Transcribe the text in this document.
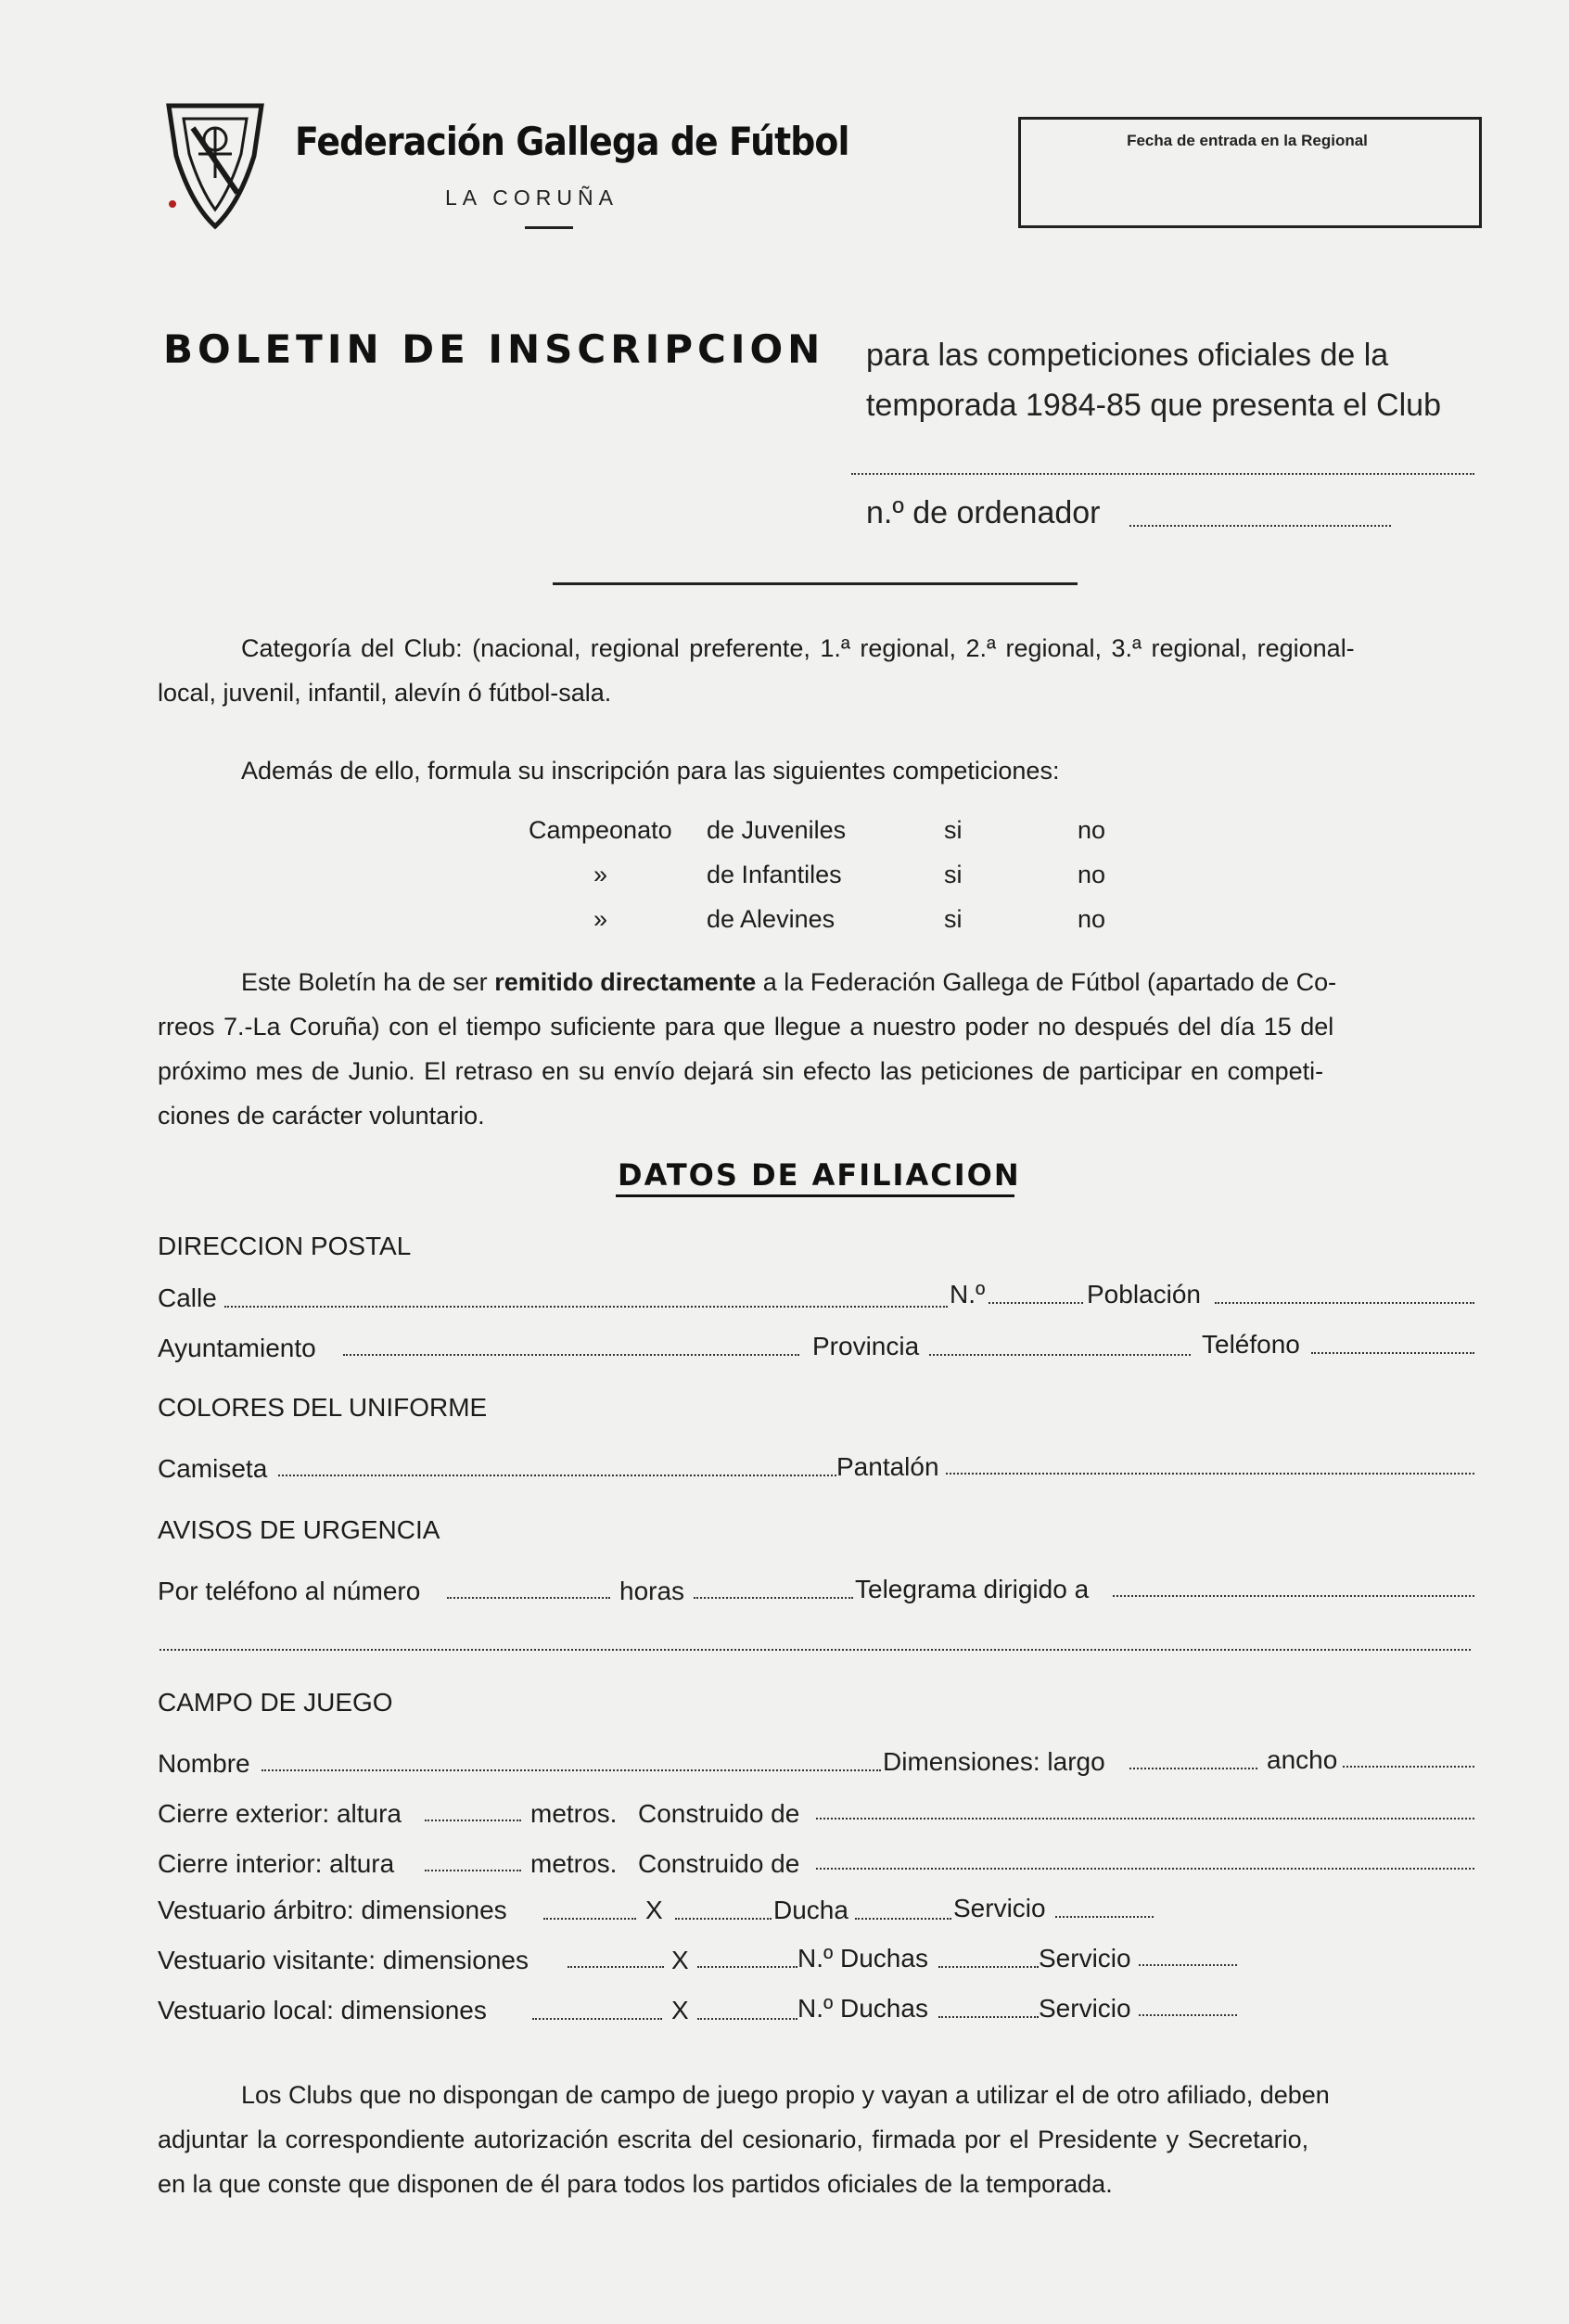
Federación Gallega de Fútbol
LA CORUÑA
Fecha de entrada en la Regional
BOLETIN DE INSCRIPCION para las competiciones oficiales de la
temporada 1984-85 que presenta el Club
n.º de ordenador
Categoría del Club: (nacional, regional preferente, 1.ª regional, 2.ª regional, 3.ª regional, regional-
local, juvenil, infantil, alevín ó fútbol-sala.
Además de ello, formula su inscripción para las siguientes competiciones:
Campeonato de Juveniles	si	no
»	de Infantiles	si	no
»	de Alevines	si	no
Este Boletín ha de ser remitido directamente a la Federación Gallega de Fútbol (apartado de Co-
rreos 7.-La Coruña) con el tiempo suficiente para que llegue a nuestro poder no después del día 15 del
próximo mes de Junio. El retraso en su envío dejará sin efecto las peticiones de participar en competi-
ciones de carácter voluntario.
DATOS DE AFILIACION
DIRECCION POSTAL
Calle	N.º	Población
Ayuntamiento	Provincia	Teléfono
COLORES DEL UNIFORME
Camiseta	Pantalón
AVISOS DE URGENCIA
Por teléfono al número	horas	Telegrama dirigido a
CAMPO DE JUEGO
Nombre	Dimensiones: largo	ancho
Cierre exterior: altura	metros. Construido de
Cierre interior: altura	metros. Construido de
Vestuario árbitro: dimensiones	X	Ducha	Servicio
Vestuario visitante: dimensiones	X	N.º Duchas	Servicio
Vestuario local: dimensiones	X	N.º Duchas	Servicio
Los Clubs que no dispongan de campo de juego propio y vayan a utilizar el de otro afiliado, deben
adjuntar la correspondiente autorización escrita del cesionario, firmada por el Presidente y Secretario,
en la que conste que disponen de él para todos los partidos oficiales de la temporada.
